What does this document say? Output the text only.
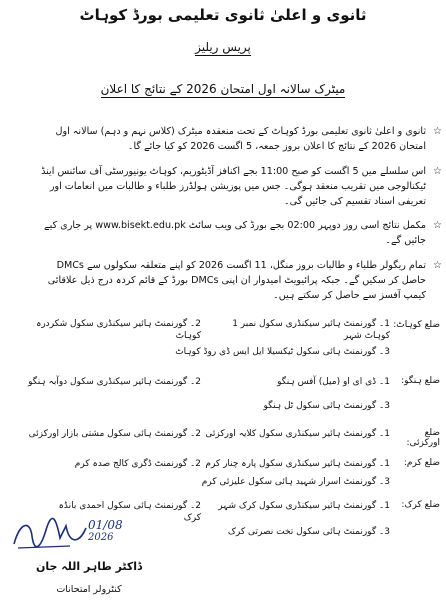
ثانوی و اعلیٰ ثانوی تعلیمی بورڈ کوہاٹ
پریس ریلیز
میٹرک سالانہ اول امتحان 2026 کے نتائج کا اعلان
☆
ثانوی و اعلیٰ ثانوی تعلیمی بورڈ کوہاٹ کے تحت منعقدہ میٹرک (کلاس نہم و دہم) سالانہ اول امتحان 2026 کے نتائج کا اعلان بروز جمعہ، 5 اگست 2026 کو کیا جائے گا۔
☆
اس سلسلے میں 5 اگست کو صبح 11:00 بجے اکنافز آڈیٹوریم، کوہاٹ یونیورسٹی آف سائنس اینڈ ٹیکنالوجی میں تقریب منعقد ہوگی۔ جس میں پوزیشن ہولڈرز طلباء و طالبات میں انعامات اور تعریفی اسناد تقسیم کی جائیں گی۔
☆
مکمل نتائج اسی روز دوپہر 02:00 بجے بورڈ کی ویب سائٹ www.bisekt.edu.pk پر جاری کیے جائیں گے۔
☆
تمام ریگولر طلباء و طالبات بروز منگل، 11 اگست 2026 کو اپنے متعلقہ سکولوں سے DMCs حاصل کر سکیں گے۔ جبکہ پرائیویٹ امیدوار ان اپنی DMCs بورڈ کے قائم کردہ درج ذیل علاقائی کیمپ آفسز سے حاصل کر سکتے ہیں۔
ضلع کوہاٹ:
1۔ گورنمنٹ ہائیر سیکنڈری سکول نمبر 1 کوہاٹ شہر
2۔ گورنمنٹ ہائیر سیکنڈری سکول شکردرہ کوہاٹ
3۔ گورنمنٹ ہائی سکول ٹیکسیلا ایل ایس ڈی روڈ کوہاٹ
ضلع ہنگو:
1۔ ڈی ای او (میل) آفس ہنگو
2۔ گورنمنٹ ہائیر سیکنڈری سکول دوآبہ ہنگو
3۔ گورنمنٹ ہائی سکول ٹل ہنگو
ضلع اورکزئی:
1۔ گورنمنٹ ہائیر سیکنڈری سکول کلایہ اورکزئی
2۔ گورنمنٹ ہائی سکول مشتی بازار اورکزئی
ضلع کرم:
1۔ گورنمنٹ ہائیر سیکنڈری سکول پارہ چنار کرم
2۔ گورنمنٹ ڈگری کالج صدہ کرم
3۔ گورنمنٹ اسرار شہید ہائی سکول علیزئی کرم
ضلع کرک:
1۔ گورنمنٹ ہائیر سیکنڈری سکول کرک شہر
2۔ گورنمنٹ ہائی سکول احمدی بانڈہ کرک
3۔ گورنمنٹ ہائی سکول تخت نصرتی کرک
01/08
2026
ڈاکٹر طاہر اللہ جان
کنٹرولر امتحانات
